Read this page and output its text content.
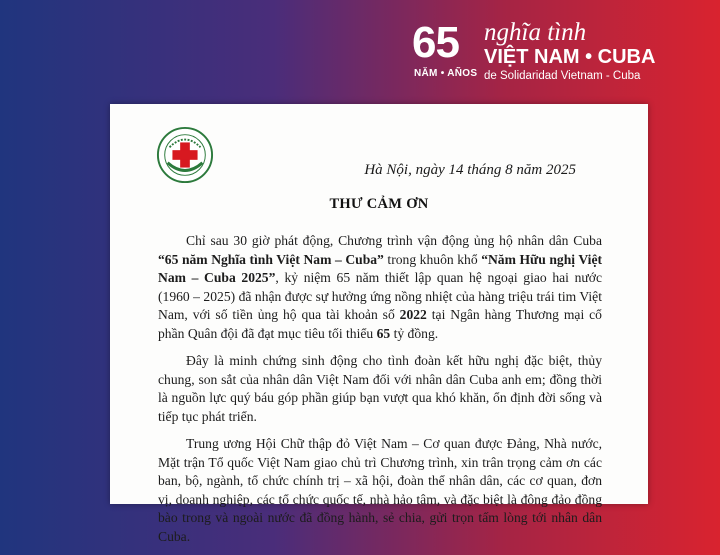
65
NĂM • AÑOS
nghĩa tình
VIỆT NAM • CUBA
de Solidaridad Vietnam - Cuba
Hà Nội, ngày 14 tháng 8 năm 2025
THƯ CẢM ƠN

Chỉ sau 30 giờ phát động, Chương trình vận động ủng hộ nhân dân Cuba “65 năm Nghĩa tình Việt Nam – Cuba” trong khuôn khổ “Năm Hữu nghị Việt Nam – Cuba 2025”, kỷ niệm 65 năm thiết lập quan hệ ngoại giao hai nước (1960 – 2025) đã nhận được sự hưởng ứng nồng nhiệt của hàng triệu trái tim Việt Nam, với số tiền ủng hộ qua tài khoản số 2022 tại Ngân hàng Thương mại cổ phần Quân đội đã đạt mục tiêu tối thiểu 65 tỷ đồng.

Đây là minh chứng sinh động cho tình đoàn kết hữu nghị đặc biệt, thủy chung, son sắt của nhân dân Việt Nam đối với nhân dân Cuba anh em; đồng thời là nguồn lực quý báu góp phần giúp bạn vượt qua khó khăn, ổn định đời sống và tiếp tục phát triển.

Trung ương Hội Chữ thập đỏ Việt Nam – Cơ quan được Đảng, Nhà nước, Mặt trận Tổ quốc Việt Nam giao chủ trì Chương trình, xin trân trọng cảm ơn các ban, bộ, ngành, tổ chức chính trị – xã hội, đoàn thể nhân dân, các cơ quan, đơn vị, doanh nghiệp, các tổ chức quốc tế, nhà hảo tâm, và đặc biệt là đông đảo đồng bào trong và ngoài nước đã đồng hành, sẻ chia, gửi trọn tấm lòng tới nhân dân Cuba.
